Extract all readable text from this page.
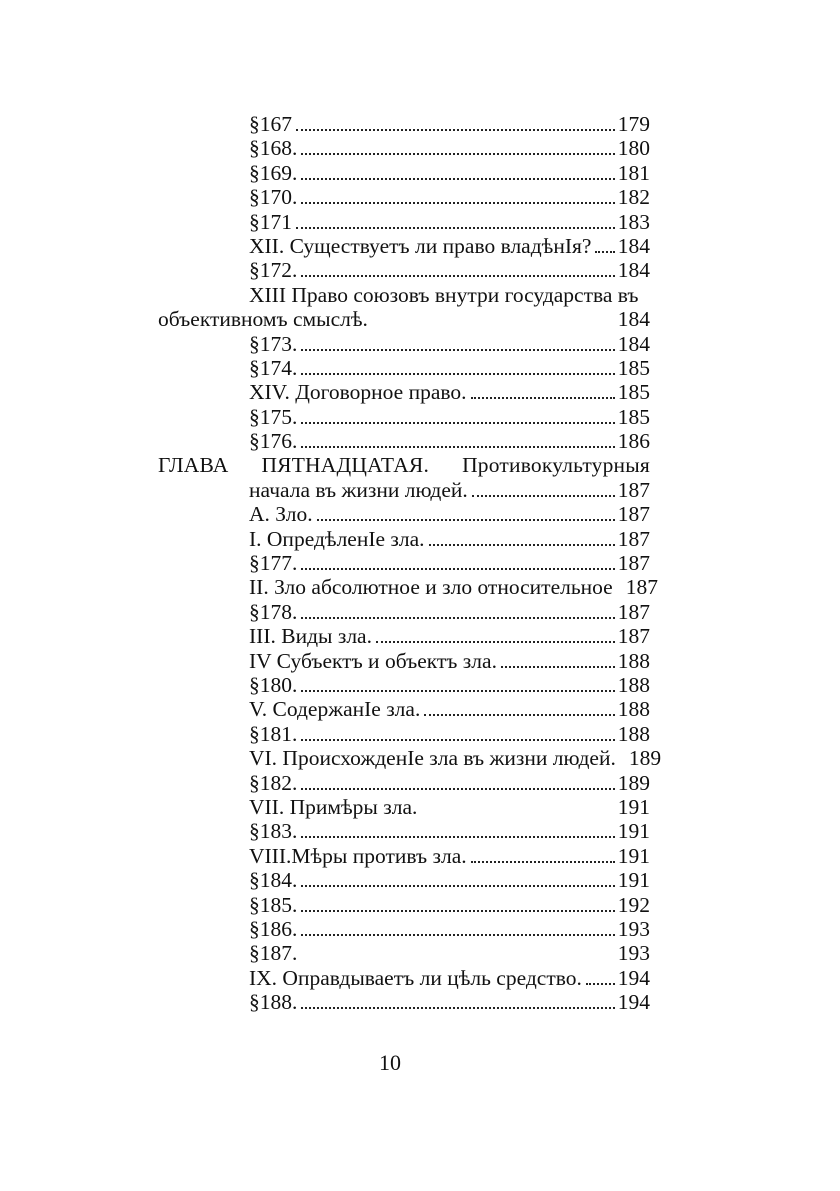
§167	179
§168.	180
§169.	181
§170.	182
§171	183
XII. Существуетъ ли право владѣнIя? 184
§172.	184
XIII Право союзовъ внутри государства въ
объективномъ смыслѣ.	184
§173.	184
§174.	185
XIV. Договорное право.	185
§175.	185
§176.	186
ГЛАВА ПЯТНАДЦАТАЯ. Противокультурныя
начала въ жизни людей.	187
А. Зло.	187
I. ОпредѣленIе зла.	187
§177.	187
II. Зло абсолютное и зло относительное 187
§178.	187
III. Виды зла.	187
IV Субъектъ и объектъ зла.	188
§180.	188
V. СодержанIе зла.	188
§181.	188
VI. ПроисхожденIе зла въ жизни людей. 189
§182.	189
VII. Примѣры зла.	191
§183.	191
VIII.Мѣры противъ зла.	191
§184.	191
§185.	192
§186.	193
§187.	193
IX. Оправдываетъ ли цѣль средство. 194
§188.	194
10
